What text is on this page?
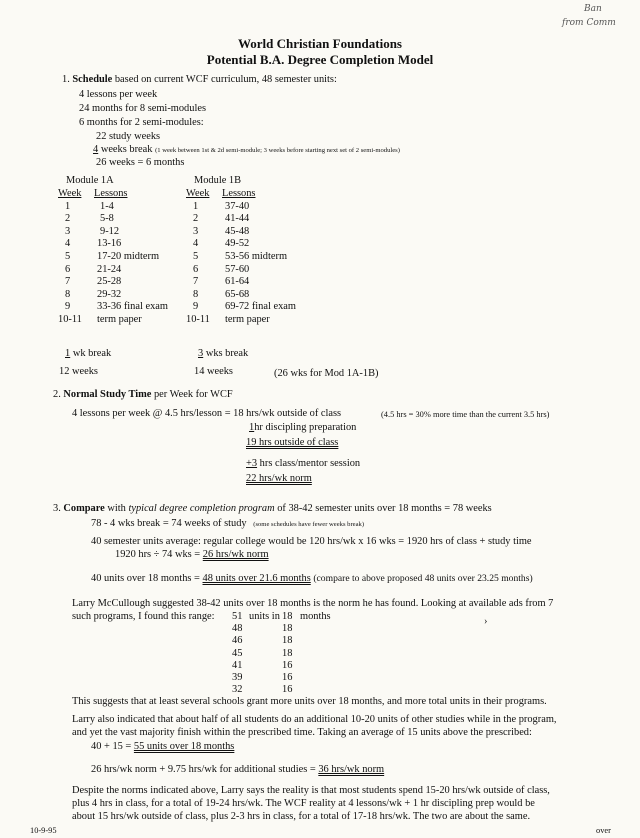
Ban
from Comm
World Christian Foundations
Potential B.A. Degree Completion Model
1. Schedule based on current WCF curriculum, 48 semester units:
4 lessons per week
24 months for 8 semi-modules
6 months for 2 semi-modules:
22 study weeks
4 weeks break (1 week between 1st & 2d semi-module; 3 weeks before starting next set of 2 semi-modules)
26 weeks = 6 months
Module 1A	Module 1B
Week Lessons
1	1-4
2	5-8
3	9-12
4	13-16
5	17-20 midterm
6	21-24
7	25-28
8	29-32
9	33-36 final exam
10-11 term paper
Week Lessons
1	37-40
2	41-44
3	45-48
4	49-52
5	53-56 midterm
6	57-60
7	61-64
8	65-68
9	69-72 final exam
10-11 term paper
1 wk break	3 wks break
12 weeks	14 weeks	(26 wks for Mod 1A-1B)
2. Normal Study Time per Week for WCF
4 lessons per week @ 4.5 hrs/lesson = 18 hrs/wk outside of class	(4.5 hrs = 30% more time than the current 3.5 hrs)
1hr discipling preparation
19 hrs outside of class
+3 hrs class/mentor session
22 hrs/wk norm
3. Compare with typical degree completion program of 38-42 semester units over 18 months = 78 weeks
78 - 4 wks break = 74 weeks of study (some schedules have fewer weeks break)
40 semester units average: regular college would be 120 hrs/wk x 16 wks = 1920 hrs of class + study time
1920 hrs ÷ 74 wks = 26 hrs/wk norm
40 units over 18 months = 48 units over 21.6 months (compare to above proposed 48 units over 23.25 months)
Larry McCullough suggested 38-42 units over 18 months is the norm he has found. Looking at available ads from 7
such programs, I found this range: 51	18
units in months
48	18
46	18
45	18
41	16
39	16
32	16
›
This suggests that at least several schools grant more units over 18 months, and more total units in their programs.
Larry also indicated that about half of all students do an additional 10-20 units of other studies while in the program,
and yet the vast majority finish within the prescribed time. Taking an average of 15 units above the prescribed:
40 + 15 = 55 units over 18 months
26 hrs/wk norm + 9.75 hrs/wk for additional studies = 36 hrs/wk norm
Despite the norms indicated above, Larry says the reality is that most students spend 15-20 hrs/wk outside of class,
plus 4 hrs in class, for a total of 19-24 hrs/wk. The WCF reality at 4 lessons/wk + 1 hr discipling prep would be
about 15 hrs/wk outside of class, plus 2-3 hrs in class, for a total of 17-18 hrs/wk. The two are about the same.
10-9-95	over
